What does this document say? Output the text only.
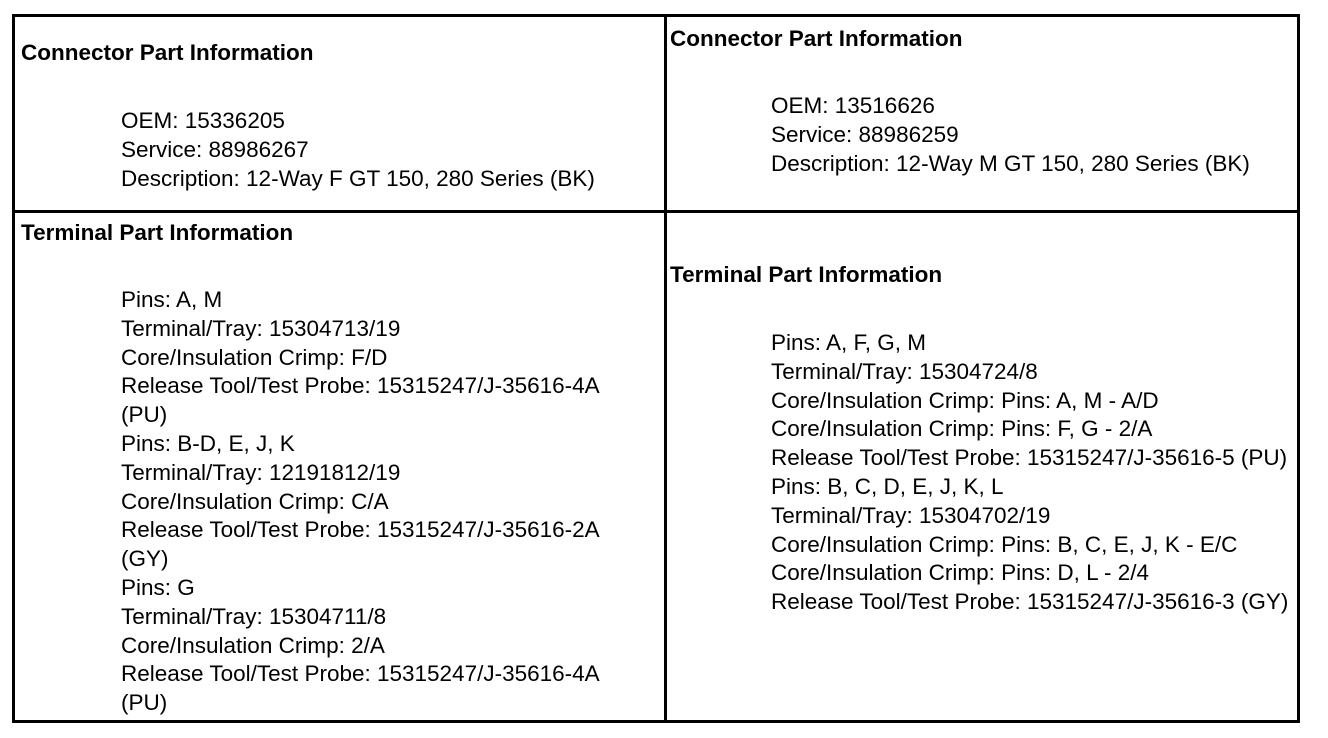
Connector Part Information
OEM: 15336205
Service: 88986267
Description: 12-Way F GT 150, 280 Series (BK)
Connector Part Information
OEM: 13516626
Service: 88986259
Description: 12-Way M GT 150, 280 Series (BK)
Terminal Part Information
Pins: A, M
Terminal/Tray: 15304713/19
Core/Insulation Crimp: F/D
Release Tool/Test Probe: 15315247/J-35616-4A (PU)
Pins: B-D, E, J, K
Terminal/Tray: 12191812/19
Core/Insulation Crimp: C/A
Release Tool/Test Probe: 15315247/J-35616-2A (GY)
Pins: G
Terminal/Tray: 15304711/8
Core/Insulation Crimp: 2/A
Release Tool/Test Probe: 15315247/J-35616-4A (PU)
Terminal Part Information
Pins: A, F, G, M
Terminal/Tray: 15304724/8
Core/Insulation Crimp: Pins: A, M - A/D
Core/Insulation Crimp: Pins: F, G - 2/A
Release Tool/Test Probe: 15315247/J-35616-5 (PU)
Pins: B, C, D, E, J, K, L
Terminal/Tray: 15304702/19
Core/Insulation Crimp: Pins: B, C, E, J, K - E/C
Core/Insulation Crimp: Pins: D, L - 2/4
Release Tool/Test Probe: 15315247/J-35616-3 (GY)
